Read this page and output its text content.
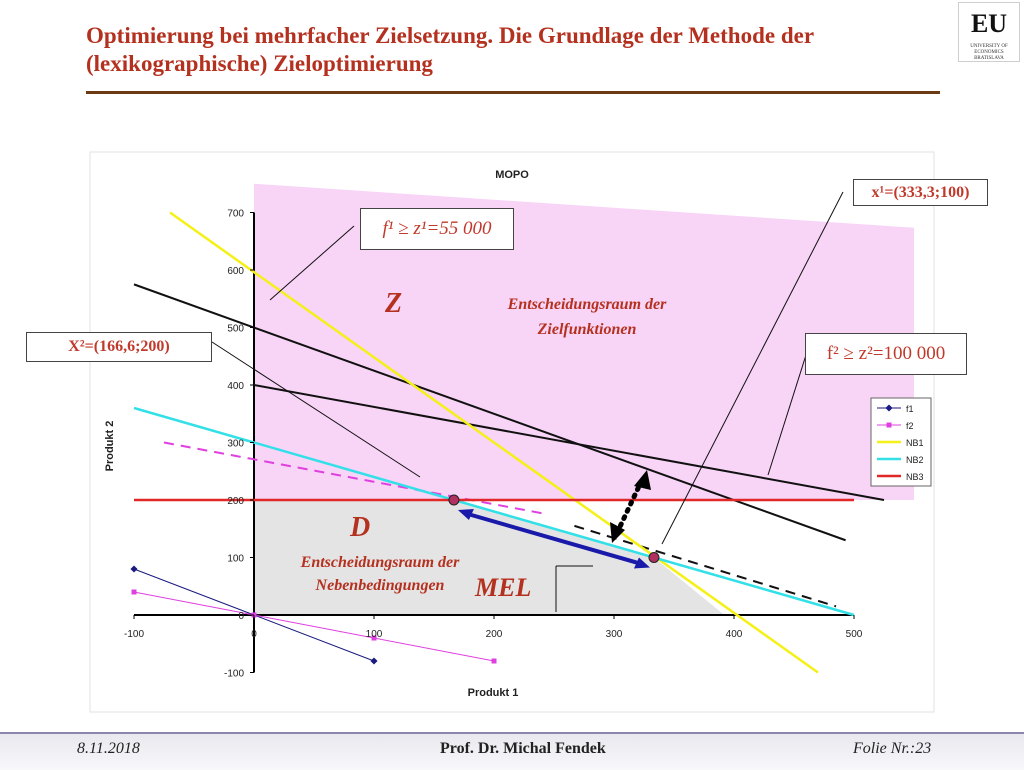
Optimierung bei mehrfacher Zielsetzung. Die Grundlage der Methode der (lexikographische) Zieloptimierung
EU
UNIVERSITY OF ECONOMICS BRATISLAVA
MOPO
Produkt 1
Produkt 2
-100	0	100	200	300	400	500
-100
0
100
200
300
400
500
600
700
f1
f2
NB1
NB2
NB3
Z	Entscheidungsraum der
Zielfunktionen
D
Entscheidungsraum der
Nebenbedingungen MEL
x¹=(333,3;100)
f¹ ≥ z¹=55 000
X²=(166,6;200)	f² ≥ z²=100 000
8.11.2018	Prof. Dr. Michal Fendek	Folie Nr.:23
